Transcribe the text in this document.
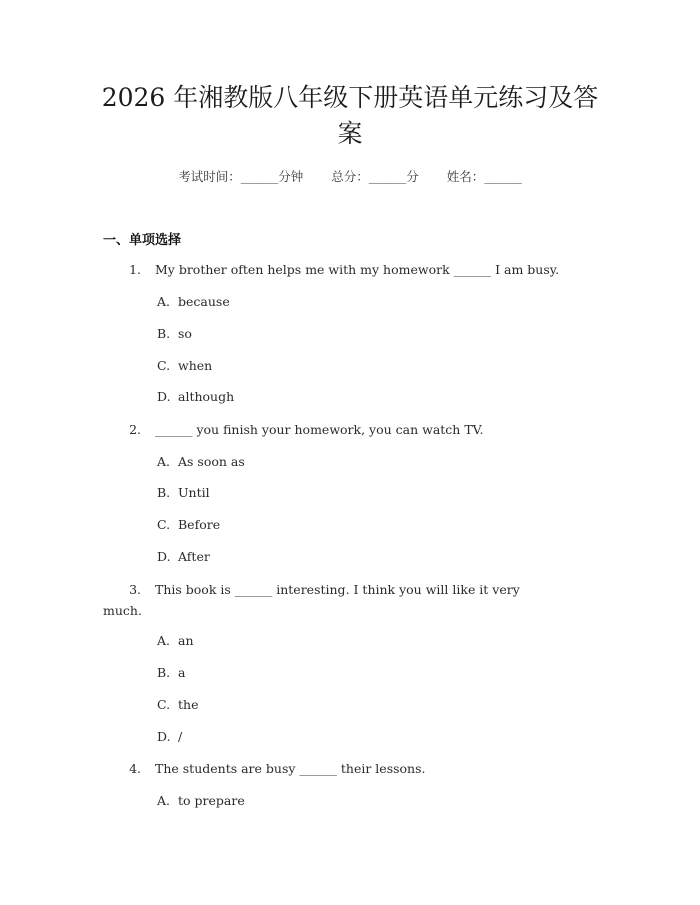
2026 年湘教版八年级下册英语单元练习及答
案
考试时间：______分钟 总分：______分 姓名：______
一、单项选择
1. My brother often helps me with my homework ______ I am busy.
A. because
B. so
C. when
D. although
2. ______ you finish your homework, you can watch TV.
A. As soon as
B. Until
C. Before
D. After
3. This book is ______ interesting. I think you will like it very
much.
A. an
B. a
C. the
D. /
4. The students are busy ______ their lessons.
A. to prepare
